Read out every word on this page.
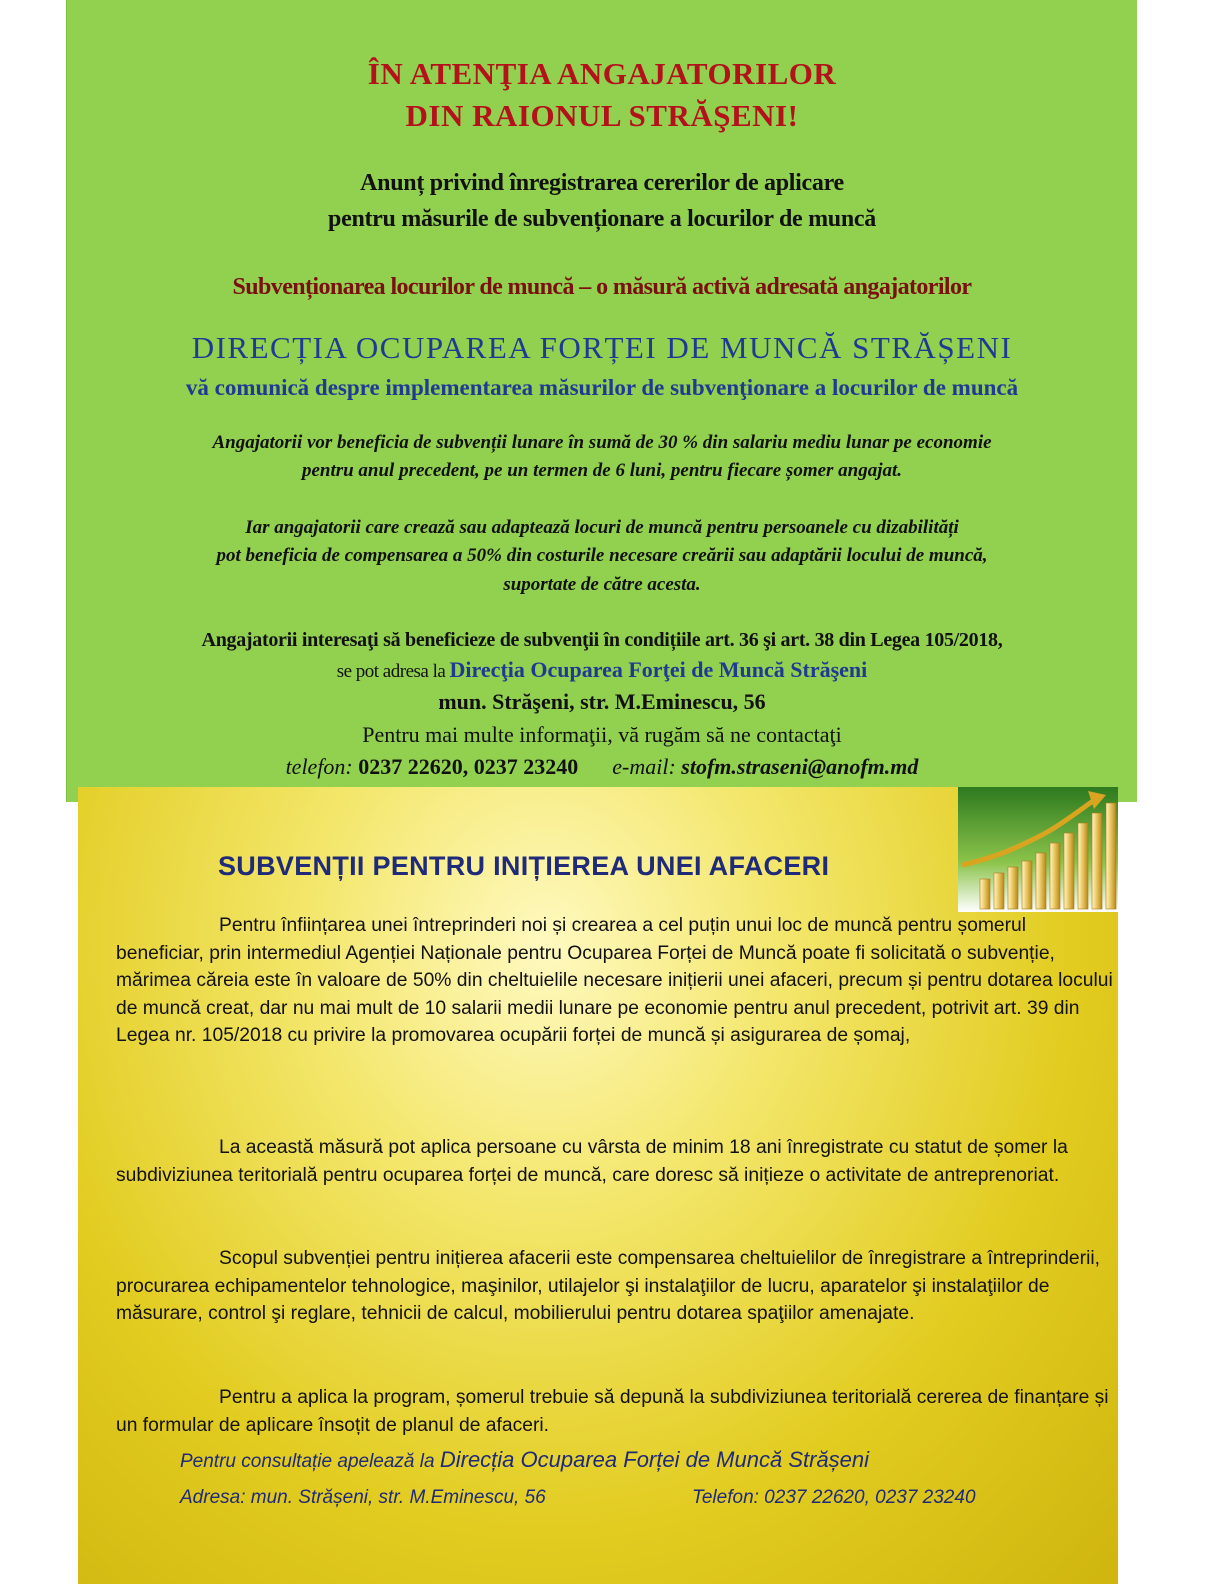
ÎN ATENŢIA ANGAJATORILOR
DIN RAIONUL STRĂŞENI!
Anunț privind înregistrarea cererilor de aplicare
pentru măsurile de subvenționare a locurilor de muncă
Subvenționarea locurilor de muncă – o măsură activă adresată angajatorilor
DIRECȚIA OCUPAREA FORȚEI DE MUNCĂ STRĂȘENI
vă comunică despre implementarea măsurilor de subvenţionare a locurilor de muncă
Angajatorii vor beneficia de subvenții lunare în sumă de 30 % din salariu mediu lunar pe economie
pentru anul precedent, pe un termen de 6 luni, pentru fiecare șomer angajat.
Iar angajatorii care crează sau adaptează locuri de muncă pentru persoanele cu dizabilități
pot beneficia de compensarea a 50% din costurile necesare creării sau adaptării locului de muncă,
suportate de către acesta.
Angajatorii interesaţi să beneficieze de subvenţii în condițiile art. 36 şi art. 38 din Legea 105/2018,
se pot adresa la Direcţia Ocuparea Forţei de Muncă Străşeni
mun. Străşeni, str. M.Eminescu, 56
Pentru mai multe informaţii, vă rugăm să ne contactaţi
telefon: 0237 22620, 0237 23240 e-mail: stofm.straseni@anofm.md
SUBVENȚII PENTRU INIȚIEREA UNEI AFACERI

Pentru înființarea unei întreprinderi noi și crearea a cel puțin unui loc de muncă pentru șomerul beneficiar, prin intermediul Agenției Naționale pentru Ocuparea Forței de Muncă poate fi solicitată o subvenție, mărimea căreia este în valoare de 50% din cheltuielile necesare inițierii unei afaceri, precum și pentru dotarea locului de muncă creat, dar nu mai mult de 10 salarii medii lunare pe economie pentru anul precedent, potrivit art. 39 din Legea nr. 105/2018 cu privire la promovarea ocupării forței de muncă și asigurarea de șomaj,

La această măsură pot aplica persoane cu vârsta de minim 18 ani înregistrate cu statut de șomer la subdiviziunea teritorială pentru ocuparea forței de muncă, care doresc să inițieze o activitate de antreprenoriat.

Scopul subvenției pentru inițierea afacerii este compensarea cheltuielilor de înregistrare a întreprinderii, procurarea echipamentelor tehnologice, maşinilor, utilajelor şi instalaţiilor de lucru, aparatelor şi instalaţiilor de măsurare, control şi reglare, tehnicii de calcul, mobilierului pentru dotarea spaţiilor amenajate.

Pentru a aplica la program, șomerul trebuie să depună la subdiviziunea teritorială cererea de finanțare și un formular de aplicare însoțit de planul de afaceri.

Pentru consultație apelează la Direcția Ocuparea Forței de Muncă Strășeni
Adresa: mun. Strășeni, str. M.Eminescu, 56	Telefon: 0237 22620, 0237 23240
